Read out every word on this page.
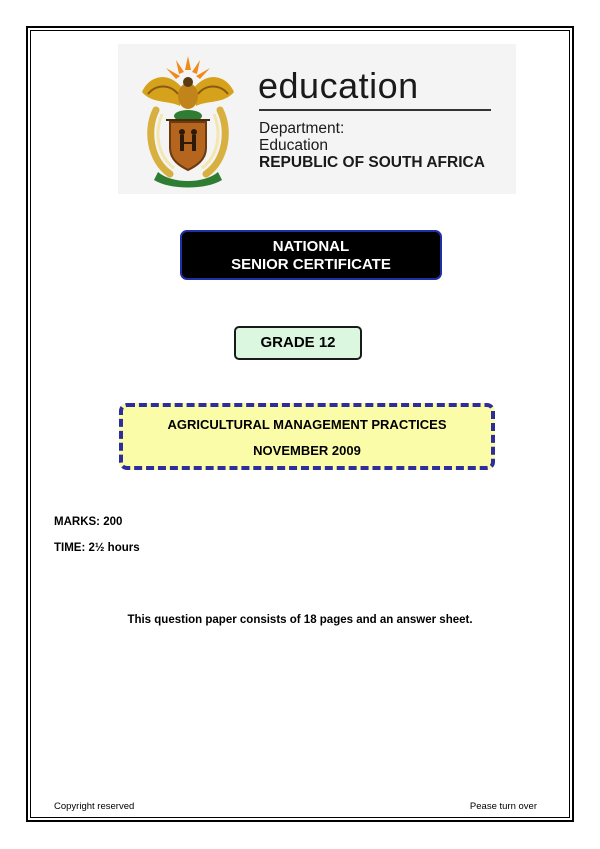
education
Department:
Education
REPUBLIC OF SOUTH AFRICA
NATIONAL
SENIOR CERTIFICATE
GRADE 12
AGRICULTURAL MANAGEMENT PRACTICES
NOVEMBER 2009
MARKS: 200
TIME: 2½ hours
This question paper consists of 18 pages and an answer sheet.
Copyright reserved	Pease turn over
